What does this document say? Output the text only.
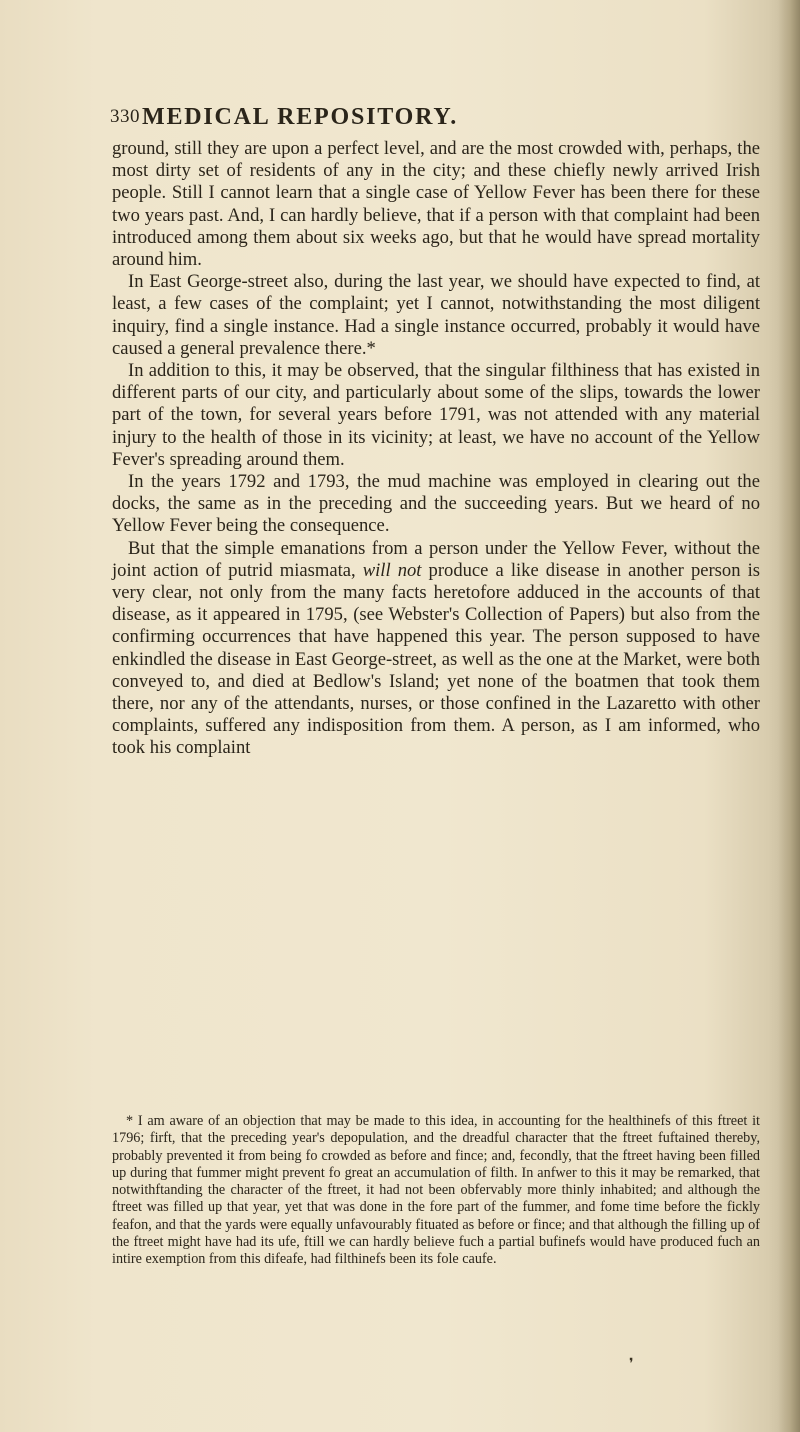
330 MEDICAL REPOSITORY.

ground, still they are upon a perfect level, and are the most crowded with, perhaps, the most dirty set of residents of any in the city; and these chiefly newly arrived Irish people. Still I cannot learn that a single case of Yellow Fever has been there for these two years past. And, I can hardly believe, that if a person with that complaint had been introduced among them about six weeks ago, but that he would have spread mortality around him.

In East George-street also, during the last year, we should have expected to find, at least, a few cases of the complaint; yet I cannot, notwithstanding the most diligent inquiry, find a single instance. Had a single instance occurred, probably it would have caused a general prevalence there.*

In addition to this, it may be observed, that the singular filthiness that has existed in different parts of our city, and particularly about some of the slips, towards the lower part of the town, for several years before 1791, was not attended with any material injury to the health of those in its vicinity; at least, we have no account of the Yellow Fever's spreading around them.

In the years 1792 and 1793, the mud machine was employed in clearing out the docks, the same as in the preceding and the succeeding years. But we heard of no Yellow Fever being the consequence.

But that the simple emanations from a person under the Yellow Fever, without the joint action of putrid miasmata, will not produce a like disease in another person is very clear, not only from the many facts heretofore adduced in the accounts of that disease, as it appeared in 1795, (see Webster's Collection of Papers) but also from the confirming occurrences that have happened this year. The person supposed to have enkindled the disease in East George-street, as well as the one at the Market, were both conveyed to, and died at Bedlow's Island; yet none of the boatmen that took them there, nor any of the attendants, nurses, or those confined in the Lazaretto with other complaints, suffered any indisposition from them. A person, as I am informed, who took his complaint

* I am aware of an objection that may be made to this idea, in accounting for the healthinefs of this ftreet it 1796; firft, that the preceding year's depopulation, and the dreadful character that the ftreet fuftained thereby, probably prevented it from being fo crowded as before and fince; and, fecondly, that the ftreet having been filled up during that fummer might prevent fo great an accumulation of filth. In anfwer to this it may be remarked, that notwithftanding the character of the ftreet, it had not been obfervably more thinly inhabited; and although the ftreet was filled up that year, yet that was done in the fore part of the fummer, and fome time before the fickly feafon, and that the yards were equally unfavourably fituated as before or fince; and that although the filling up of the ftreet might have had its ufe, ftill we can hardly believe fuch a partial bufinefs would have produced fuch an intire exemption from this difeafe, had filthinefs been its fole caufe.

❜
